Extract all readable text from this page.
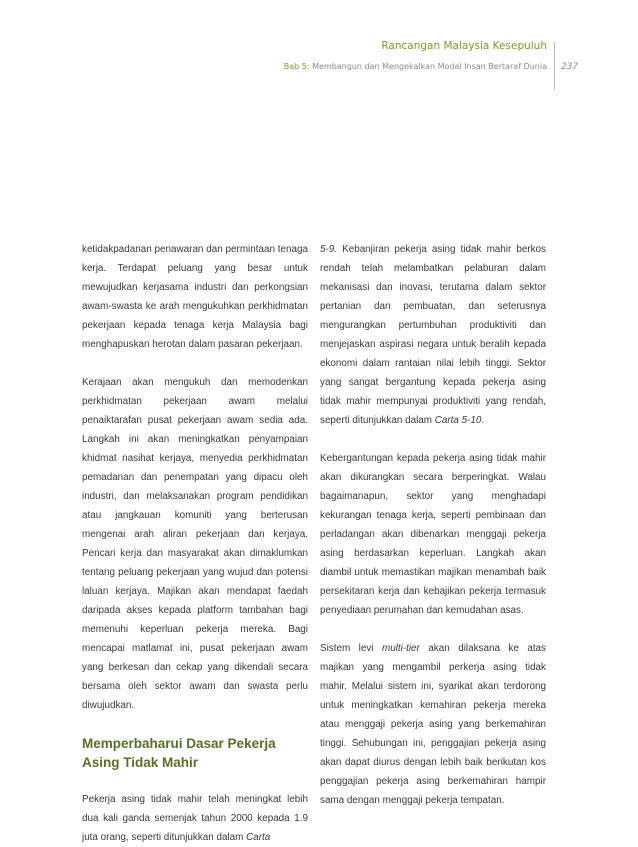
Rancangan Malaysia Kesepuluh
Bab 5: Membangun dan Mengekalkan Modal Insan Bertaraf Dunia 237

ketidakpadanan penawaran dan permintaan tenaga kerja. Terdapat peluang yang besar untuk mewujudkan kerjasama industri dan perkongsian awam-swasta ke arah mengukuhkan perkhidmatan pekerjaan kepada tenaga kerja Malaysia bagi menghapuskan herotan dalam pasaran pekerjaan.

Kerajaan akan mengukuh dan memodenkan perkhidmatan pekerjaan awam melalui penaiktarafan pusat pekerjaan awam sedia ada. Langkah ini akan meningkatkan penyampaian khidmat nasihat kerjaya, menyedia perkhidmatan pemadanan dan penempatan yang dipacu oleh industri, dan melaksanakan program pendidikan atau jangkauan komuniti yang berterusan mengenai arah aliran pekerjaan dan kerjaya. Pencari kerja dan masyarakat akan dimaklumkan tentang peluang pekerjaan yang wujud dan potensi laluan kerjaya. Majikan akan mendapat faedah daripada akses kepada platform tambahan bagi memenuhi keperluan pekerja mereka. Bagi mencapai matlamat ini, pusat pekerjaan awam yang berkesan dan cekap yang dikendali secara bersama oleh sektor awam dan swasta perlu diwujudkan.

Memperbaharui Dasar Pekerja Asing Tidak Mahir

Pekerja asing tidak mahir telah meningkat lebih dua kali ganda semenjak tahun 2000 kepada 1.9 juta orang, seperti ditunjukkan dalam Carta

5-9. Kebanjiran pekerja asing tidak mahir berkos rendah telah melambatkan pelaburan dalam mekanisasi dan inovasi, terutama dalam sektor pertanian dan pembuatan, dan seterusnya mengurangkan pertumbuhan produktiviti dan menjejaskan aspirasi negara untuk beralih kepada ekonomi dalam rantaian nilai lebih tinggi. Sektor yang sangat bergantung kepada pekerja asing tidak mahir mempunyai produktiviti yang rendah, seperti ditunjukkan dalam Carta 5-10.

Kebergantungan kepada pekerja asing tidak mahir akan dikurangkan secara berperingkat. Walau bagaimanapun, sektor yang menghadapi kekurangan tenaga kerja, seperti pembinaan dan perladangan akan dibenarkan menggaji pekerja asing berdasarkan keperluan. Langkah akan diambil untuk memastikan majikan menambah baik persekitaran kerja dan kebajikan pekerja termasuk penyediaan perumahan dan kemudahan asas.

Sistem levi multi-tier akan dilaksana ke atas majikan yang mengambil perkerja asing tidak mahir. Melalui sistem ini, syarikat akan terdorong untuk meningkatkan kemahiran pekerja mereka atau menggaji pekerja asing yang berkemahiran tinggi. Sehubungan ini, penggajian pekerja asing akan dapat diurus dengan lebih baik berikutan kos penggajian pekerja asing berkemahiran hampir sama dengan menggaji pekerja tempatan.
